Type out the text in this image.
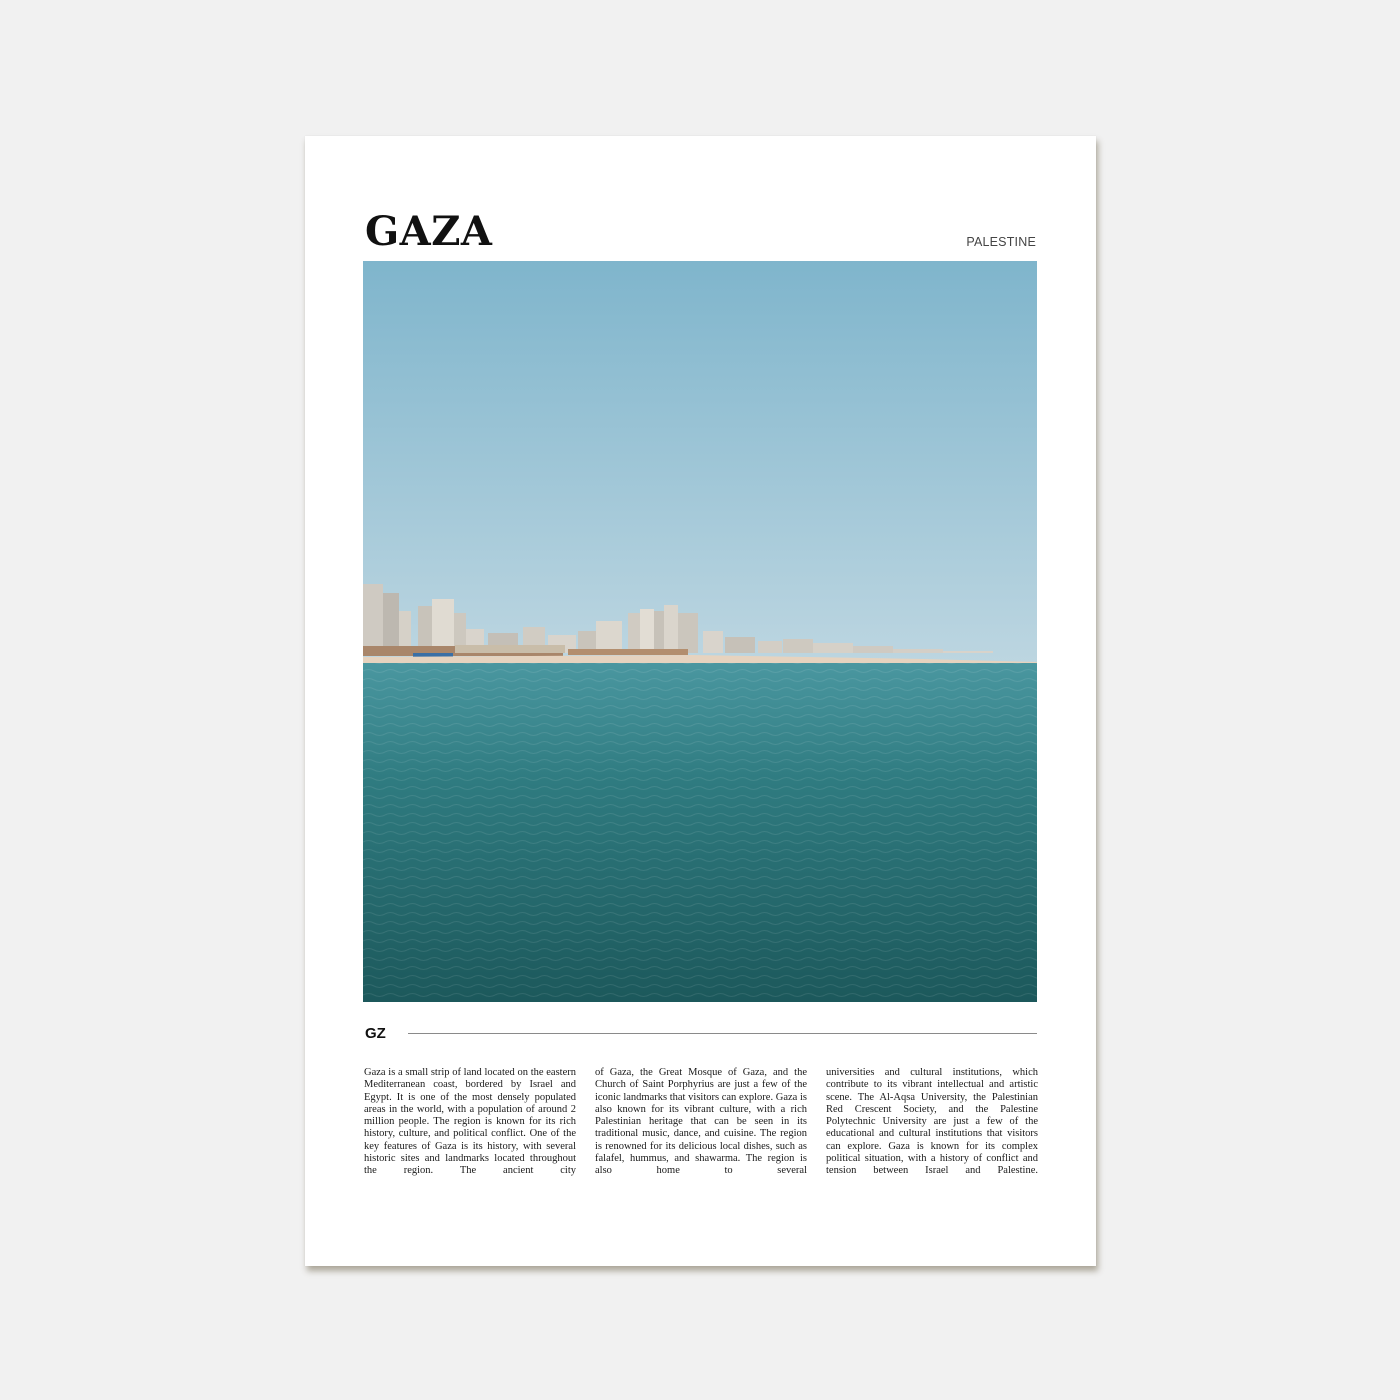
GAZA	PALESTINE
GZ

Gaza is a small strip of land located on the eastern Mediterranean coast, bordered by Israel and Egypt. It is one of the most densely populated areas in the world, with a population of around 2 million people. The region is known for its rich history, culture, and political conflict. One of the key features of Gaza is its history, with several historic sites and landmarks located throughout the region. The ancient city

of Gaza, the Great Mosque of Gaza, and the Church of Saint Porphyrius are just a few of the iconic landmarks that visitors can explore. Gaza is also known for its vibrant culture, with a rich Palestinian heritage that can be seen in its traditional music, dance, and cuisine. The region is renowned for its delicious local dishes, such as falafel, hummus, and shawarma. The region is also home to several

universities and cultural institutions, which contribute to its vibrant intellectual and artistic scene. The Al-Aqsa University, the Palestinian Red Crescent Society, and the Palestine Polytechnic University are just a few of the educational and cultural institutions that visitors can explore. Gaza is known for its complex political situation, with a history of conflict and tension between Israel and Palestine.
